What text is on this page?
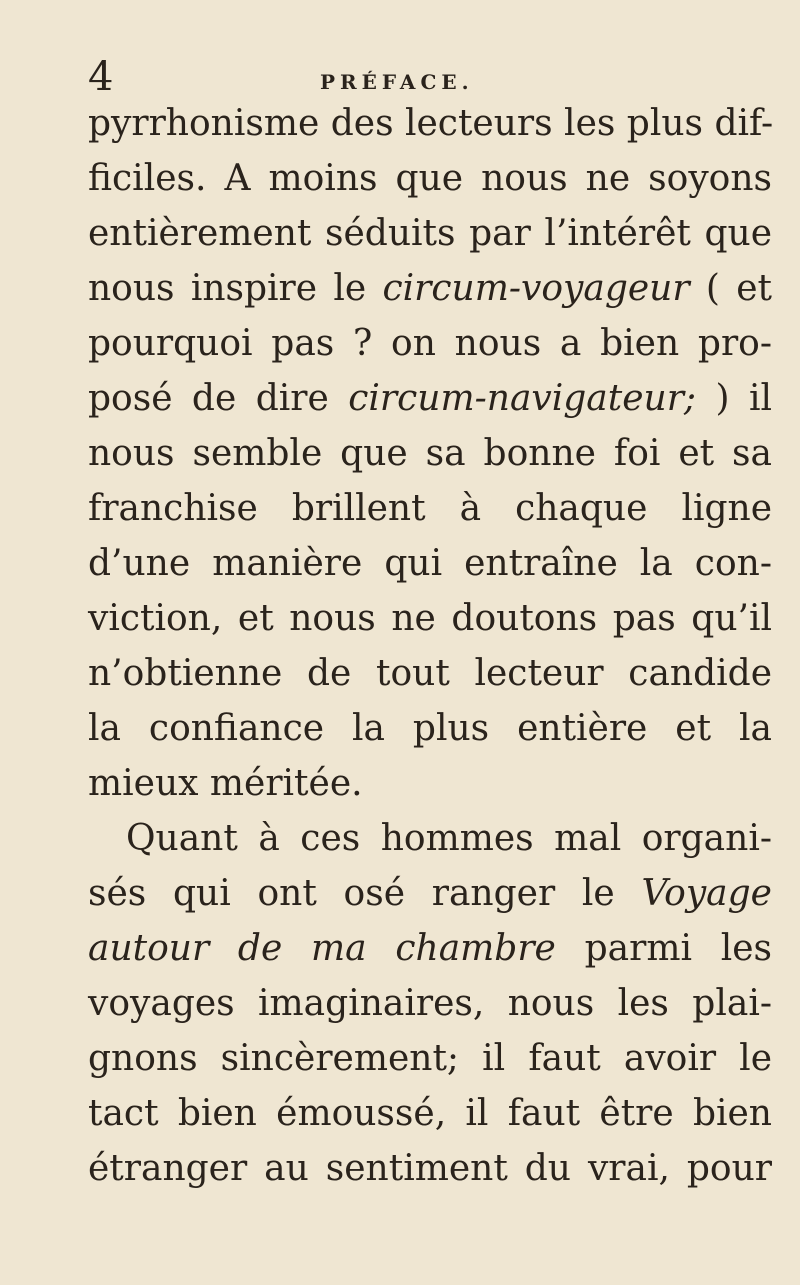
4	PRÉFACE.
pyrrhonisme des lecteurs les plus dif-
ficiles. A moins que nous ne soyons
entièrement séduits par l’intérêt que
nous inspire le circum-voyageur ( et
pourquoi pas ? on nous a bien pro-
posé de dire circum-navigateur; ) il
nous semble que sa bonne foi et sa
franchise brillent à chaque ligne
d’une manière qui entraîne la con-
viction, et nous ne doutons pas qu’il
n’obtienne de tout lecteur candide
la confiance la plus entière et la
mieux méritée.
Quant à ces hommes mal organi-
sés qui ont osé ranger le Voyage
autour de ma chambre parmi les
voyages imaginaires, nous les plai-
gnons sincèrement; il faut avoir le
tact bien émoussé, il faut être bien
étranger au sentiment du vrai, pour
